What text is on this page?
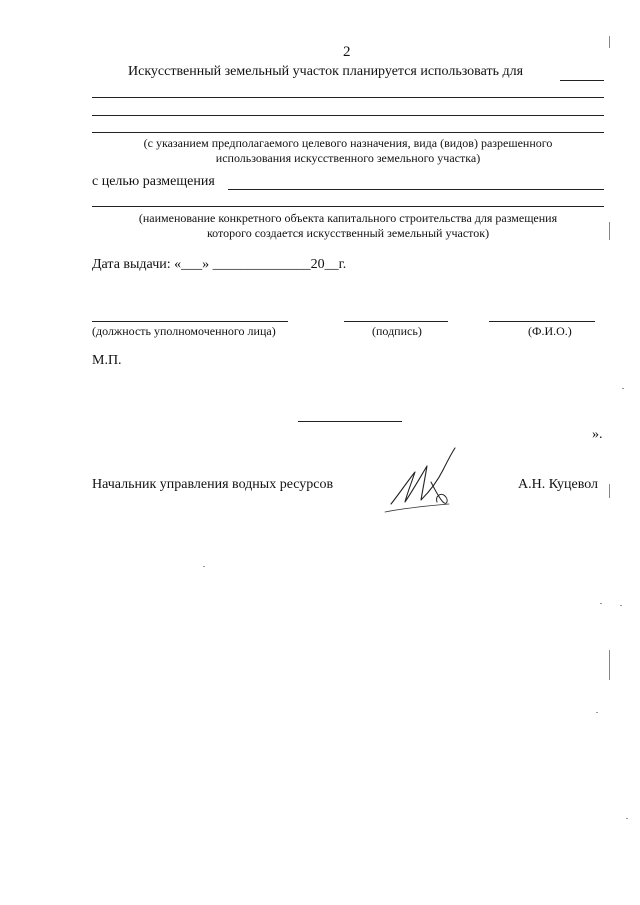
2
Искусственный земельный участок планируется использовать для
(с указанием предполагаемого целевого назначения, вида (видов) разрешенного
использования искусственного земельного участка)
с целью размещения
(наименование конкретного объекта капитального строительства для размещения
которого создается искусственный земельный участок)
Дата выдачи: «___» ______________20__г.
(должность уполномоченного лица)	(подпись)	(Ф.И.О.)
М.П.
».
Начальник управления водных ресурсов	А.Н. Куцевол
